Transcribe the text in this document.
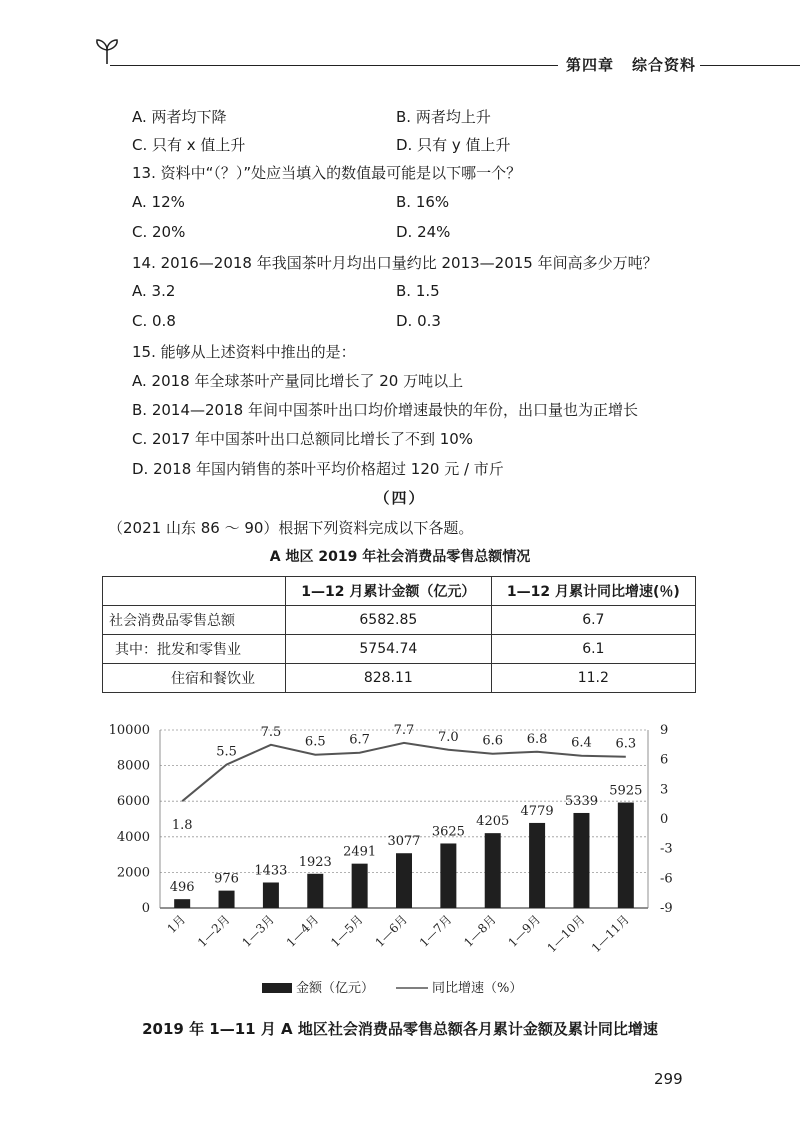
第四章 综合资料
A. 两者均下降	B. 两者均上升
C. 只有 x 值上升	D. 只有 y 值上升
13. 资料中“（？）”处应当填入的数值最可能是以下哪一个？
A. 12%	B. 16%
C. 20%	D. 24%
14. 2016—2018 年我国茶叶月均出口量约比 2013—2015 年间高多少万吨？
A. 3.2	B. 1.5
C. 0.8	D. 0.3
15. 能够从上述资料中推出的是：
A. 2018 年全球茶叶产量同比增长了 20 万吨以上
B. 2014—2018 年间中国茶叶出口均价增速最快的年份，出口量也为正增长
C. 2017 年中国茶叶出口总额同比增长了不到 10%
D. 2018 年国内销售的茶叶平均价格超过 120 元 / 市斤
（四）
（2021 山东 86 ～ 90）根据下列资料完成以下各题。
A 地区 2019 年社会消费品零售总额情况
	1—12 月累计金额（亿元）	1—12 月累计同比增速(％)
社会消费品零售总额	6582.85	6.7
其中：批发和零售业	5754.74	6.1
住宿和餐饮业	828.11	11.2
0
2000
4000
6000
8000
10000
-9
-6
-3
0
3
6
9
496
976
1433
1923
2491
3077
3625
4205
4779
5339
5925
1.8
5.5
7.5
6.5 6.7
7.7 7.0 6.6 6.8 6.4 6.3
1月 1—2月 1—3月 1—4月 1—5月 1—6月 1—7月 1—8月 1—9月 1—10月 1—11月
金额（亿元）	同比增速（%）
2019 年 1—11 月 A 地区社会消费品零售总额各月累计金额及累计同比增速
299
